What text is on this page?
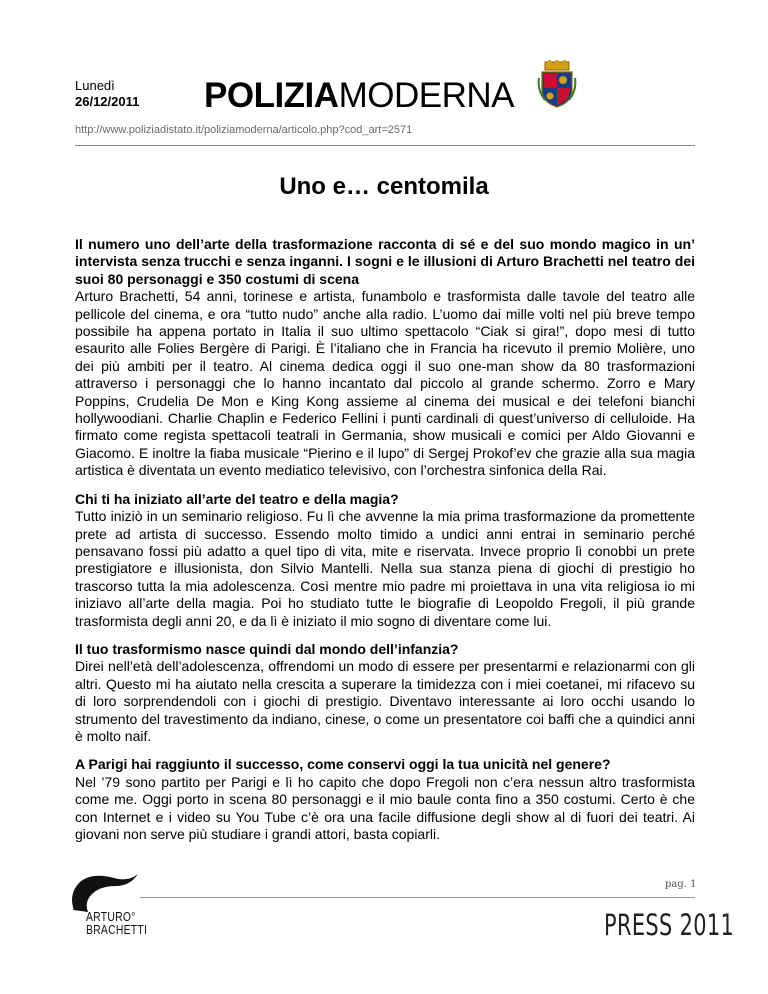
Lunedì
26/12/2011 POLIZIAMODERNA
http://www.poliziadistato.it/poliziamoderna/articolo.php?cod_art=2571
Uno e… centomila

Il numero uno dell’arte della trasformazione racconta di sé e del suo mondo magico in un’ intervista senza trucchi e senza inganni. I sogni e le illusioni di Arturo Brachetti nel teatro dei suoi 80 personaggi e 350 costumi di scena
Arturo Brachetti, 54 anni, torinese e artista, funambolo e trasformista dalle tavole del teatro alle pellicole del cinema, e ora “tutto nudo” anche alla radio. L’uomo dai mille volti nel più breve tempo possibile ha appena portato in Italia il suo ultimo spettacolo “Ciak si gira!”, dopo mesi di tutto esaurito alle Folies Bergère di Parigi. È l’italiano che in Francia ha ricevuto il premio Molière, uno dei più ambiti per il teatro. Al cinema dedica oggi il suo one-man show da 80 trasformazioni attraverso i personaggi che lo hanno incantato dal piccolo al grande schermo. Zorro e Mary Poppins, Crudelia De Mon e King Kong assieme al cinema dei musical e dei telefoni bianchi hollywoodiani. Charlie Chaplin e Federico Fellini i punti cardinali di quest’universo di celluloide. Ha firmato come regista spettacoli teatrali in Germania, show musicali e comici per Aldo Giovanni e Giacomo. E inoltre la fiaba musicale “Pierino e il lupo” di Sergej Prokof’ev che grazie alla sua magia artistica è diventata un evento mediatico televisivo, con l’orchestra sinfonica della Rai.

Chi ti ha iniziato all’arte del teatro e della magia?
Tutto iniziò in un seminario religioso. Fu lì che avvenne la mia prima trasformazione da promettente prete ad artista di successo. Essendo molto timido a undici anni entrai in seminario perché pensavano fossi più adatto a quel tipo di vita, mite e riservata. Invece proprio lì conobbi un prete prestigiatore e illusionista, don Silvio Mantelli. Nella sua stanza piena di giochi di prestigio ho trascorso tutta la mia adolescenza. Così mentre mio padre mi proiettava in una vita religiosa io mi iniziavo all’arte della magia. Poi ho studiato tutte le biografie di Leopoldo Fregoli, il più grande trasformista degli anni 20, e da lì è iniziato il mio sogno di diventare come lui.

Il tuo trasformismo nasce quindi dal mondo dell’infanzia?
Direi nell’età dell’adolescenza, offrendomi un modo di essere per presentarmi e relazionarmi con gli altri. Questo mi ha aiutato nella crescita a superare la timidezza con i miei coetanei, mi rifacevo su di loro sorprendendoli con i giochi di prestigio. Diventavo interessante ai loro occhi usando lo strumento del travestimento da indiano, cinese, o come un presentatore coi baffi che a quindici anni è molto naif.

A Parigi hai raggiunto il successo, come conservi oggi la tua unicità nel genere?
Nel ’79 sono partito per Parigi e lì ho capito che dopo Fregoli non c’era nessun altro trasformista come me. Oggi porto in scena 80 personaggi e il mio baule conta fino a 350 costumi. Certo è che con Internet e i video su You Tube c’è ora una facile diffusione degli show al di fuori dei teatri. Ai giovani non serve più studiare i grandi attori, basta copiarli.

ARTURO°
BRACHETTI
pag. 1
PRESS 2011
